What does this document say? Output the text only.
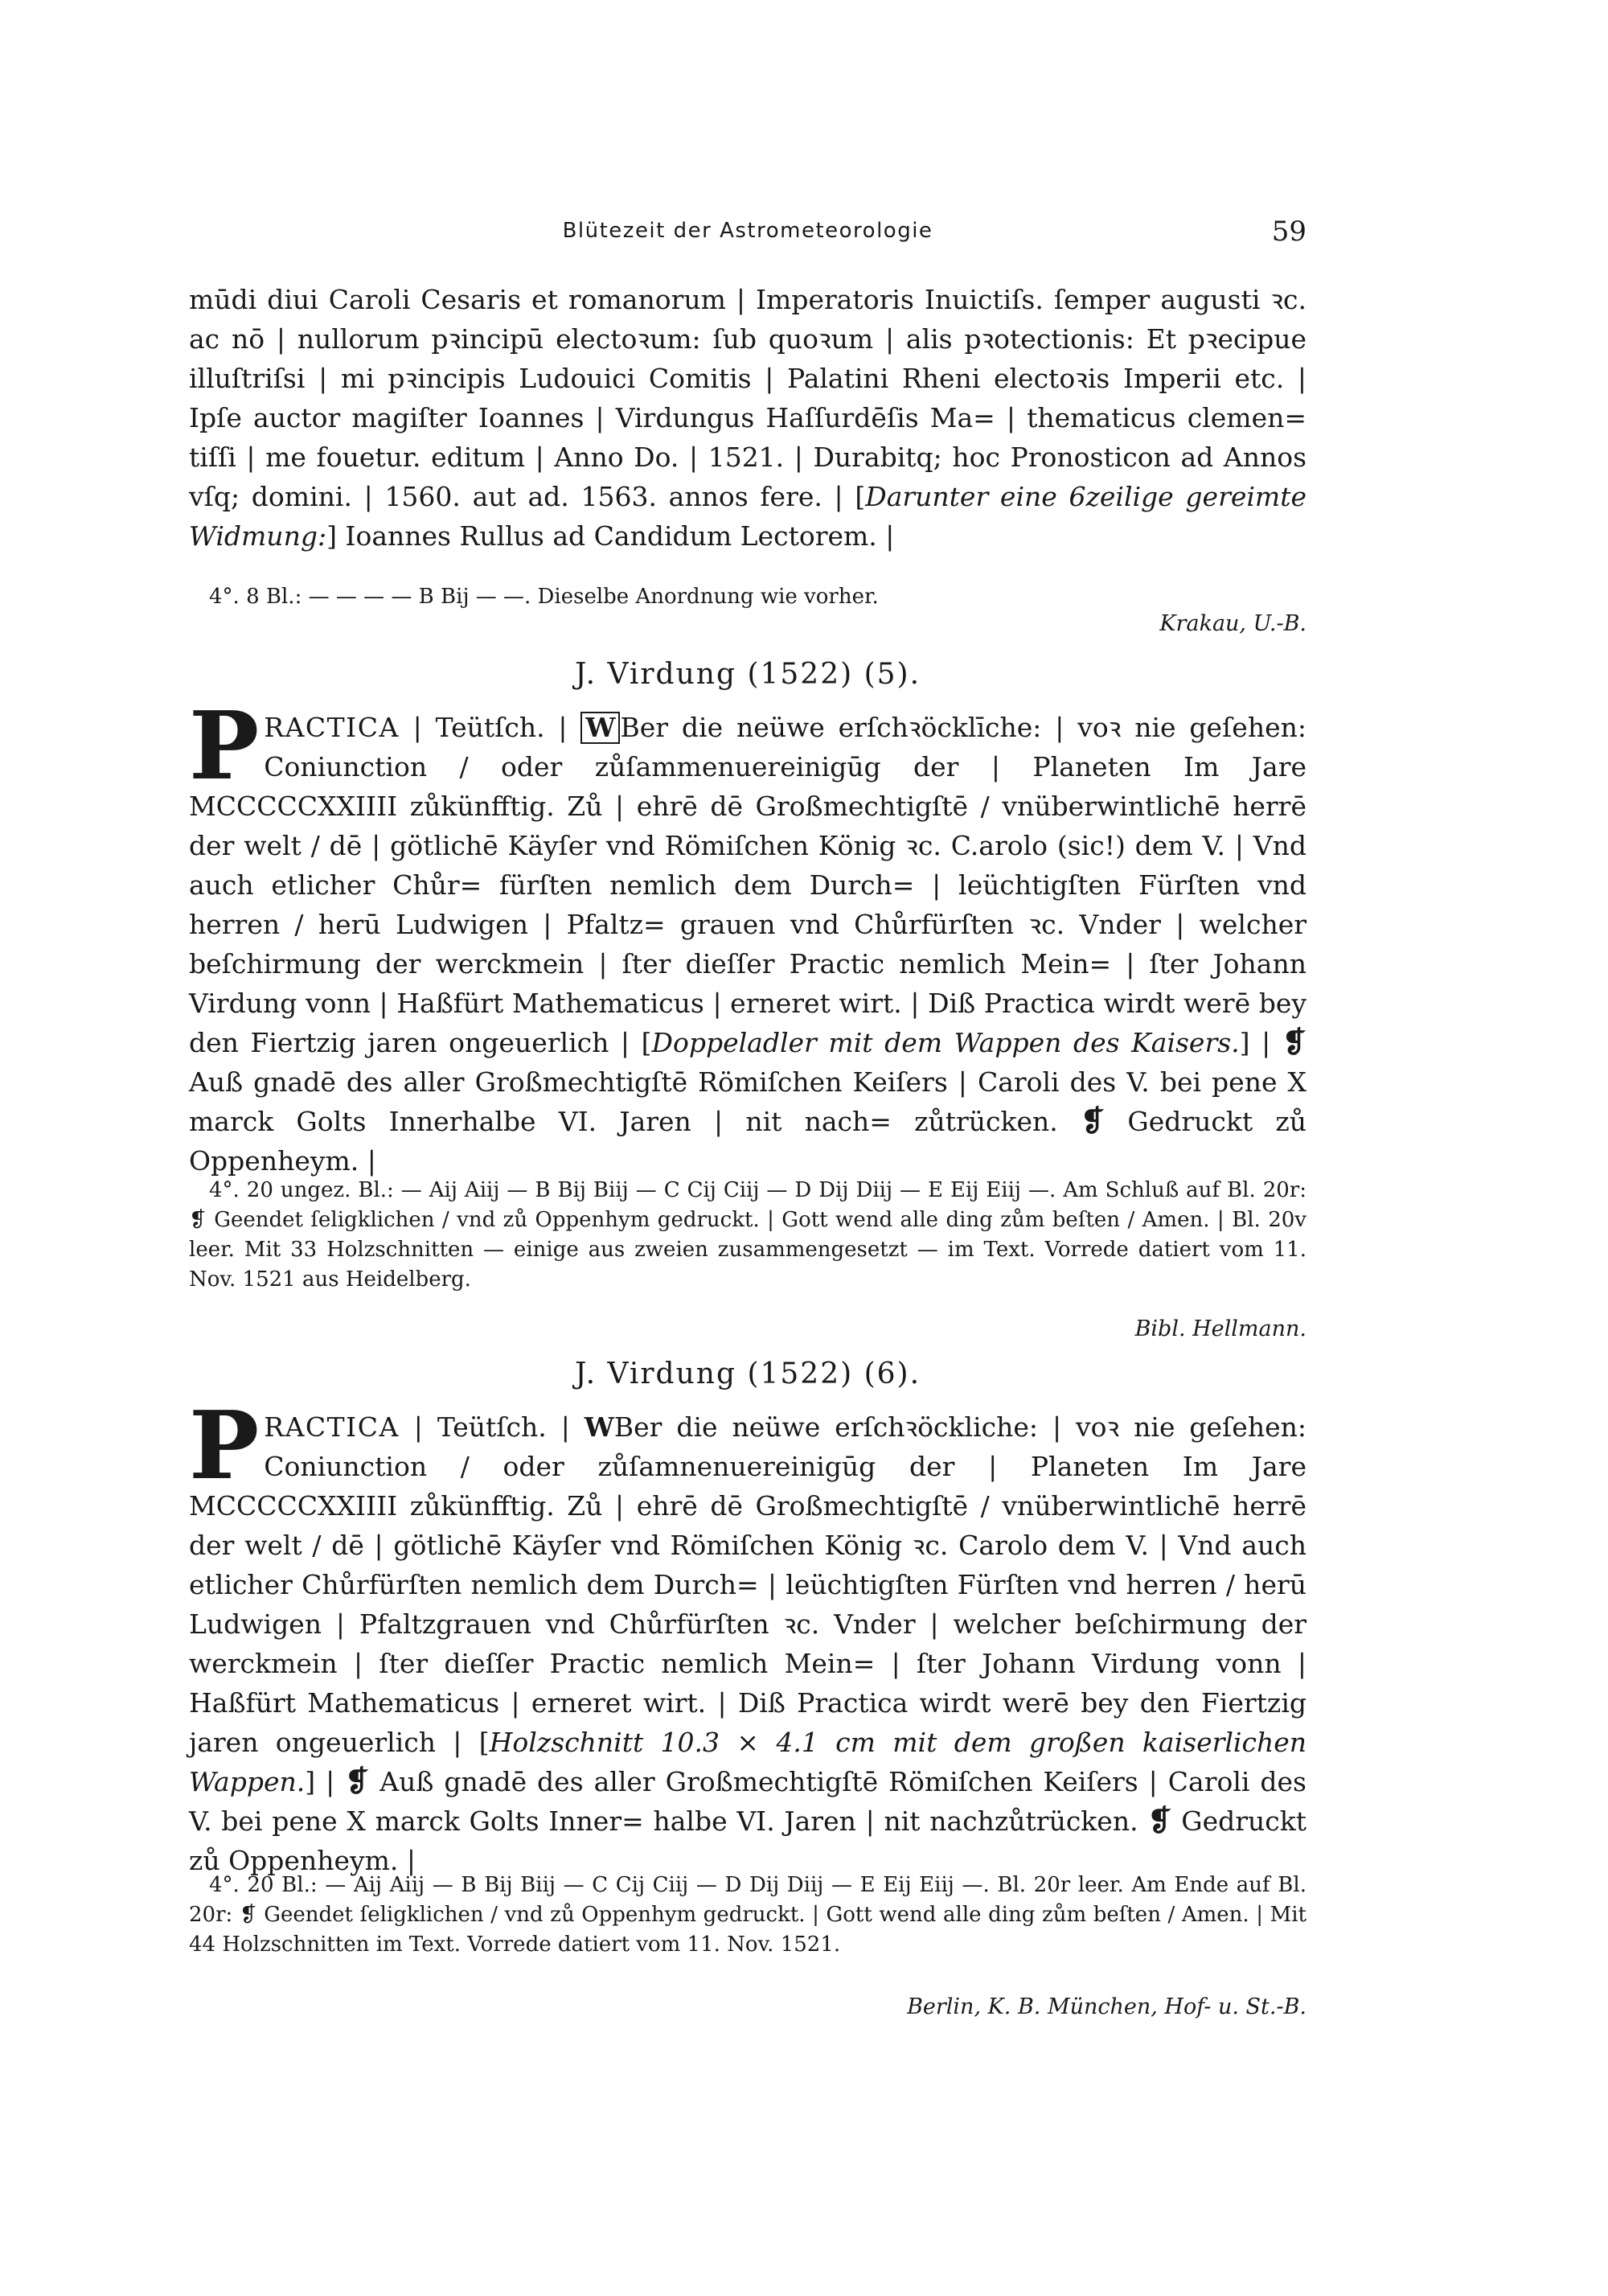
Blütezeit der Astrometeorologie	59

mūdi diui Caroli Cesaris et romanorum | Imperatoris Inuictiſs. ſemper augusti ꝛc. ac nō | nullorum pꝛincipū electoꝛum: ſub quoꝛum | alis pꝛotectionis: Et pꝛecipue illuſtriſsi | mi pꝛincipis Ludouici Comitis | Palatini Rheni electoꝛis Imperii etc. | Ipſe auctor magiſter Ioannes | Virdungus Haſſurdēſis Ma= | thematicus clemen= tiſſi | me fouetur. editum | Anno Do. | 1521. | Durabitq; hoc Pronosticon ad Annos vſq; domini. | 1560. aut ad. 1563. annos fere. | [Darunter eine 6zeilige gereimte Widmung:] Ioannes Rullus ad Candidum Lectorem. |

4°. 8 Bl.: — — — — B Bij — —. Dieselbe Anordnung wie vorher.

Krakau, U.-B.
J. Virdung (1522) (5).

PRACTICA | Teütſch. | W Ber die neüwe erſchꝛöcklīche: | voꝛ nie geſehen: Coniunction / oder zůſammenuereinigūg der | Planeten Im Jare MCCCCCXXIIII zůkünfftig. Zů | ehrē dē Großmechtigſtē / vnüberwintlichē herrē der welt / dē | götlichē Käyſer vnd Römiſchen König ꝛc. C.arolo (sic!) dem V. | Vnd auch etlicher Chůr= fürſten nemlich dem Durch= | leüchtigſten Fürſten vnd herren / herū Ludwigen | Pfaltz= grauen vnd Chůrfürſten ꝛc. Vnder | welcher beſchirmung der werckmein | ſter dieſſer Practic nemlich Mein= | ſter Johann Virdung vonn | Haßfürt Mathematicus | erneret wirt. | Diß Practica wirdt werē bey den Fiertzig jaren ongeuerlich | [Doppeladler mit dem Wappen des Kaisers.] | ❡ Auß gnadē des aller Großmechtigſtē Römiſchen Keiſers | Caroli des V. bei pene X marck Golts Innerhalbe VI. Jaren | nit nach= zůtrücken. ❡ Gedruckt zů Oppenheym. |

4°. 20 ungez. Bl.: — Aij Aiij — B Bij Biij — C Cij Ciij — D Dij Diij — E Eij Eiij —. Am Schluß auf Bl. 20r: ❡ Geendet ſeligklichen / vnd zů Oppenhym gedruckt. | Gott wend alle ding zům beſten / Amen. | Bl. 20v leer. Mit 33 Holzschnitten — einige aus zweien zusammengesetzt — im Text. Vorrede datiert vom 11. Nov. 1521 aus Heidelberg.

Bibl. Hellmann.
J. Virdung (1522) (6).

PRACTICA | Teütſch. | WBer die neüwe erſchꝛöckliche: | voꝛ nie geſehen: Coniunction / oder zůſamnenuereinigūg der | Planeten Im Jare MCCCCCXXIIII zůkünfftig. Zů | ehrē dē Großmechtigſtē / vnüberwintlichē herrē der welt / dē | götlichē Käyſer vnd Römiſchen König ꝛc. Carolo dem V. | Vnd auch etlicher Chůrfürſten nemlich dem Durch= | leüchtigſten Fürſten vnd herren / herū Ludwigen | Pfaltzgrauen vnd Chůrfürſten ꝛc. Vnder | welcher beſchirmung der werckmein | ſter dieſſer Practic nemlich Mein= | ſter Johann Virdung vonn | Haßfürt Mathematicus | erneret wirt. | Diß Practica wirdt werē bey den Fiertzig jaren ongeuerlich | [Holzschnitt 10.3 × 4.1 cm mit dem großen kaiserlichen Wappen.] | ❡ Auß gnadē des aller Großmechtigſtē Römiſchen Keiſers | Caroli des V. bei pene X marck Golts Inner= halbe VI. Jaren | nit nachzůtrücken. ❡ Gedruckt zů Oppenheym. |

4°. 20 Bl.: — Aij Aiij — B Bij Biij — C Cij Ciij — D Dij Diij — E Eij Eiij —. Bl. 20r leer. Am Ende auf Bl. 20r: ❡ Geendet ſeligklichen / vnd zů Oppenhym gedruckt. | Gott wend alle ding zům beſten / Amen. | Mit 44 Holzschnitten im Text. Vorrede datiert vom 11. Nov. 1521.

Berlin, K. B. München, Hof- u. St.-B.
